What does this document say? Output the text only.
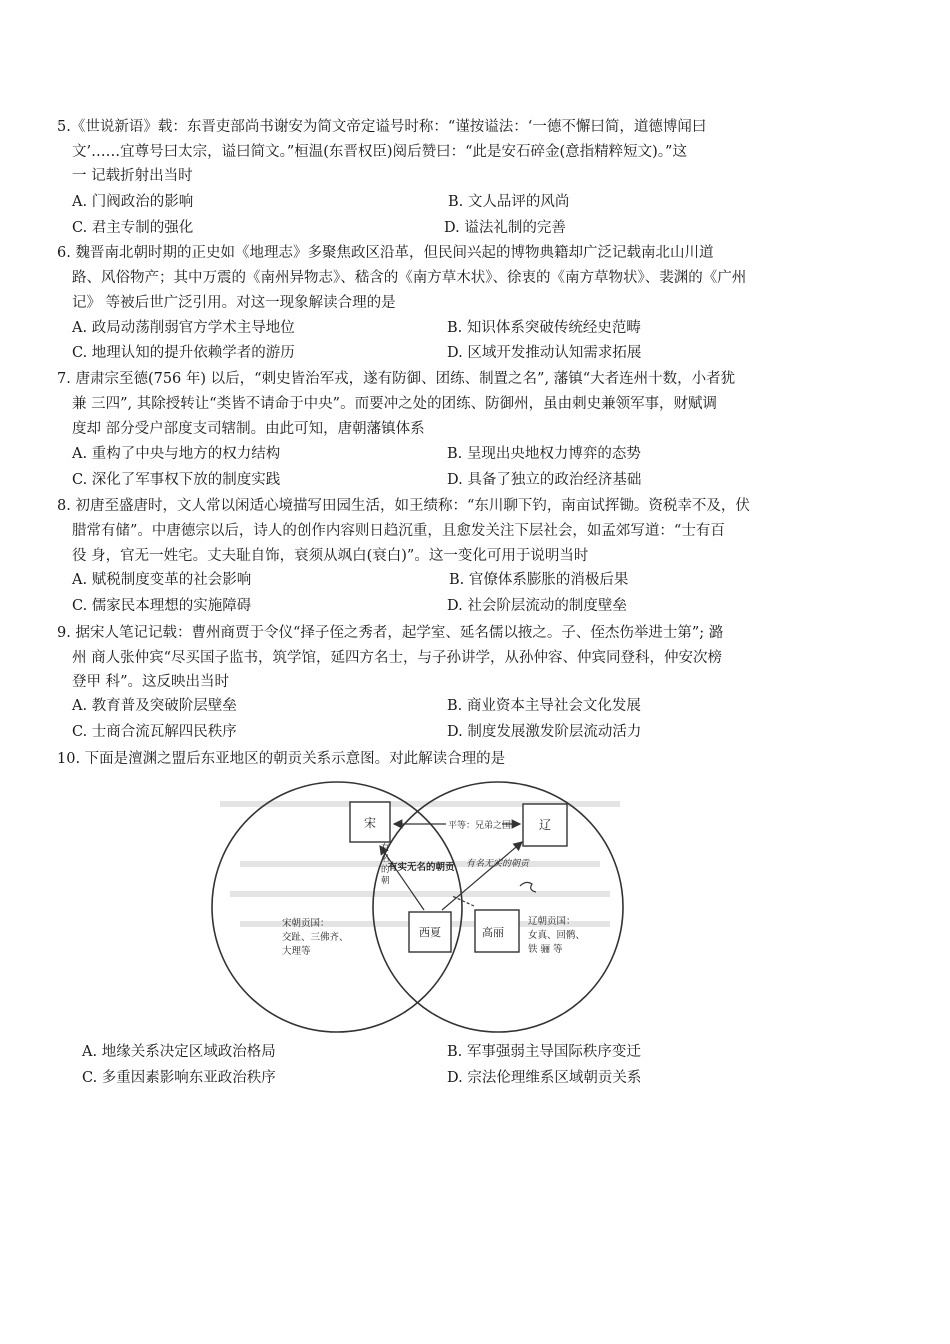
5.《世说新语》载：东晋吏部尚书谢安为简文帝定谥号时称：“谨按谥法：‘一德不懈曰简，道德博闻曰
文’……宜尊号曰太宗，谥曰简文。”桓温(东晋权臣)阅后赞曰：“此是安石碎金(意指精粹短文)。”这
一 记载折射出当时
A. 门阀政治的影响	B. 文人品评的风尚
C. 君主专制的强化	D. 谥法礼制的完善
6. 魏晋南北朝时期的正史如《地理志》多聚焦政区沿革，但民间兴起的博物典籍却广泛记载南北山川道
路、风俗物产；其中万震的《南州异物志》、嵇含的《南方草木状》、徐衷的《南方草物状》、裴渊的《广州
记》 等被后世广泛引用。对这一现象解读合理的是
A. 政局动荡削弱官方学术主导地位	B. 知识体系突破传统经史范畴
C. 地理认知的提升依赖学者的游历	D. 区域开发推动认知需求拓展
7. 唐肃宗至德(756 年) 以后，“刺史皆治军戎，遂有防御、团练、制置之名”, 藩镇“大者连州十数，小者犹
兼 三四”, 其除授转让“类皆不请命于中央”。而要冲之处的团练、防御州，虽由刺史兼领军事，财赋调
度却 部分受户部度支司辖制。由此可知，唐朝藩镇体系
A. 重构了中央与地方的权力结构	B. 呈现出央地权力博弈的态势
C. 深化了军事权下放的制度实践	D. 具备了独立的政治经济基础
8. 初唐至盛唐时，文人常以闲适心境描写田园生活，如王绩称：“东川聊下钓，南亩试挥锄。资税幸不及，伏
腊常有储”。中唐德宗以后，诗人的创作内容则日趋沉重，且愈发关注下层社会，如孟郊写道：“士有百
役 身，官无一姓宅。丈夫耻自饰，衰须从飒白(衰白)”。这一变化可用于说明当时
A. 赋税制度变革的社会影响	B. 官僚体系膨胀的消极后果
C. 儒家民本理想的实施障碍	D. 社会阶层流动的制度壁垒
9. 据宋人笔记记载：曹州商贾于令仪“择子侄之秀者，起学室、延名儒以掖之。子、侄杰伤举进士第”; 潞
州 商人张仲宾“尽买国子监书，筑学馆，延四方名士，与子孙讲学，从孙仲容、仲宾同登科，仲安次榜
登甲 科”。这反映出当时
A. 教育普及突破阶层壁垒	B. 商业资本主导社会文化发展
C. 士商合流瓦解四民秩序	D. 制度发展激发阶层流动活力
10. 下面是澶渊之盟后东亚地区的朝贡关系示意图。对此解读合理的是
宋	辽
西夏	高丽
平等：兄弟之国
有名无实的朝贡
有实无名的朝贡
有
名
的
朝
宋朝贡国：
交趾、三佛齐、
大理等
辽朝贡国：
女真、回鹘、
铁 骊 等
A. 地缘关系决定区域政治格局	B. 军事强弱主导国际秩序变迁
C. 多重因素影响东亚政治秩序	D. 宗法伦理维系区域朝贡关系
